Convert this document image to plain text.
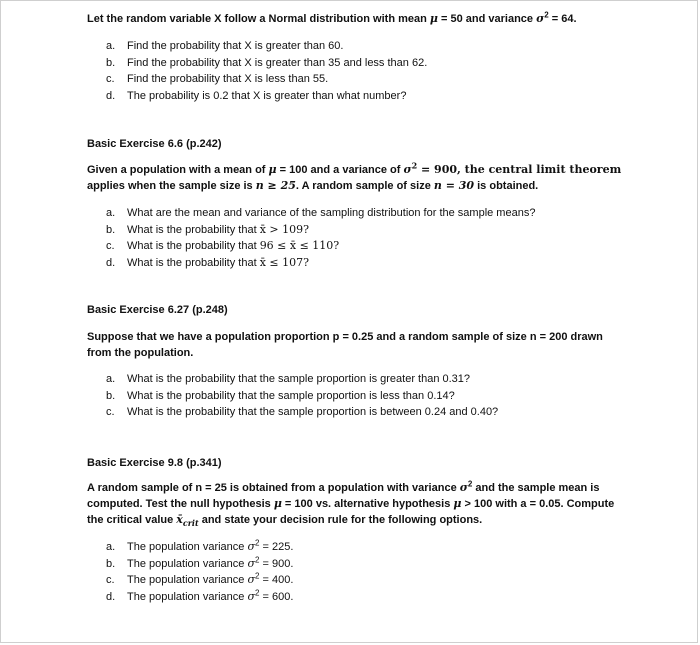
Let the random variable X follow a Normal distribution with mean μ = 50 and variance $\sigma^2 = 64$.
a. Find the probability that X is greater than 60.
b. Find the probability that X is greater than 35 and less than 62.
c. Find the probability that X is less than 55.
d. The probability is 0.2 that X is greater than what number?
Basic Exercise 6.6 (p.242)
Given a population with a mean of μ = 100 and a variance of $\sigma^2 = 900$, the central limit theorem
applies when the sample size is n ≥ 25. A random sample of size n = 30 is obtained.
a. What are the mean and variance of the sampling distribution for the sample means?
b. What is the probability that x̄ > 109?
c. What is the probability that 96 ≤ x̄ ≤ 110?
d. What is the probability that x̄ ≤ 107?
Basic Exercise 6.27 (p.248)
Suppose that we have a population proportion p = 0.25 and a random sample of size n = 200 drawn
from the population.
a. What is the probability that the sample proportion is greater than 0.31?
b. What is the probability that the sample proportion is less than 0.14?
c. What is the probability that the sample proportion is between 0.24 and 0.40?
Basic Exercise 9.8 (p.341)
A random sample of n = 25 is obtained from a population with variance $\sigma^2$ and the sample mean is
computed. Test the null hypothesis μ = 100 vs. alternative hypothesis μ > 100 with a = 0.05. Compute
the critical value $x̄_{crit}$ and state your decision rule for the following options.
a. The population variance $\sigma^2 = 225$.
b. The population variance $\sigma^2 = 900$.
c. The population variance $\sigma^2 = 400$.
d. The population variance $\sigma^2 = 600$.
